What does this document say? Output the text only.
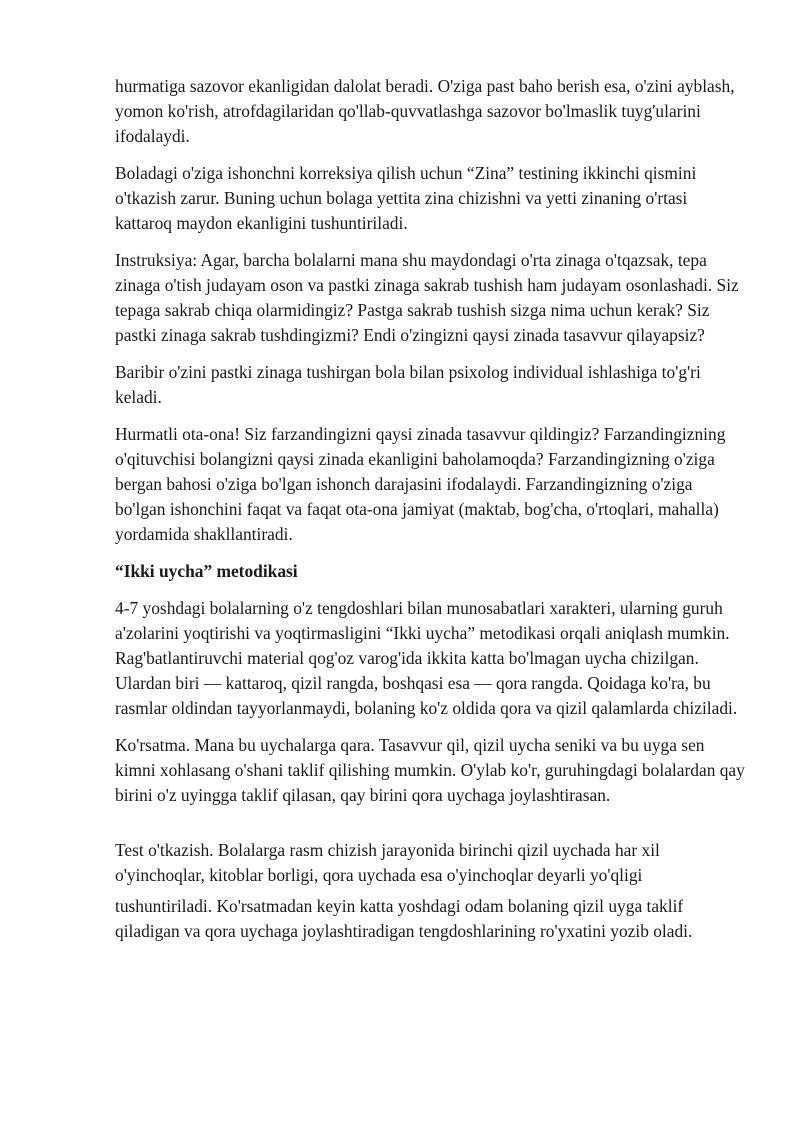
hurmatiga sazovor ekanligidan dalolat beradi. O'ziga past baho berish esa, o'zini ayblash, yomon ko'rish, atrofdagilaridan qo'llab-quvvatlashga sazovor bo'lmaslik tuyg'ularini ifodalaydi.

Boladagi o'ziga ishonchni korreksiya qilish uchun “Zina” testining ikkinchi qismini o'tkazish zarur. Buning uchun bolaga yettita zina chizishni va yetti zinaning o'rtasi kattaroq maydon ekanligini tushuntiriladi.

Instruksiya: Agar, barcha bolalarni mana shu maydondagi o'rta zinaga o'tqazsak, tepa zinaga o'tish judayam oson va pastki zinaga sakrab tushish ham judayam osonlashadi. Siz tepaga sakrab chiqa olarmidingiz? Pastga sakrab tushish sizga nima uchun kerak? Siz pastki zinaga sakrab tushdingizmi? Endi o'zingizni qaysi zinada tasavvur qilayapsiz?

Baribir o'zini pastki zinaga tushirgan bola bilan psixolog individual ishlashiga to'g'ri keladi.

Hurmatli ota-ona! Siz farzandingizni qaysi zinada tasavvur qildingiz? Farzandingizning o'qituvchisi bolangizni qaysi zinada ekanligini baholamoqda? Farzandingizning o'ziga bergan bahosi o'ziga bo'lgan ishonch darajasini ifodalaydi. Farzandingizning o'ziga bo'lgan ishonchini faqat va faqat ota-ona jamiyat (maktab, bog'cha, o'rtoqlari, mahalla) yordamida shakllantiradi.

“Ikki uycha” metodikasi

4-7 yoshdagi bolalarning o'z tengdoshlari bilan munosabatlari xarakteri, ularning guruh a'zolarini yoqtirishi va yoqtirmasligini “Ikki uycha” metodikasi orqali aniqlash mumkin. Rag'batlantiruvchi material qog'oz varog'ida ikkita katta bo'lmagan uycha chizilgan. Ulardan biri — kattaroq, qizil rangda, boshqasi esa — qora rangda. Qoidaga ko'ra, bu rasmlar oldindan tayyorlanmaydi, bolaning ko'z oldida qora va qizil qalamlarda chiziladi.

Ko'rsatma. Mana bu uychalarga qara. Tasavvur qil, qizil uycha seniki va bu uyga sen kimni xohlasang o'shani taklif qilishing mumkin. O'ylab ko'r, guruhingdagi bolalardan qay birini o'z uyingga taklif qilasan, qay birini qora uychaga joylashtirasan.

Test o'tkazish. Bolalarga rasm chizish jarayonida birinchi qizil uychada har xil o'yinchoqlar, kitoblar borligi, qora uychada esa o'yinchoqlar deyarli yo'qligi

tushuntiriladi. Ko'rsatmadan keyin katta yoshdagi odam bolaning qizil uyga taklif qiladigan va qora uychaga joylashtiradigan tengdoshlarining ro'yxatini yozib oladi.
